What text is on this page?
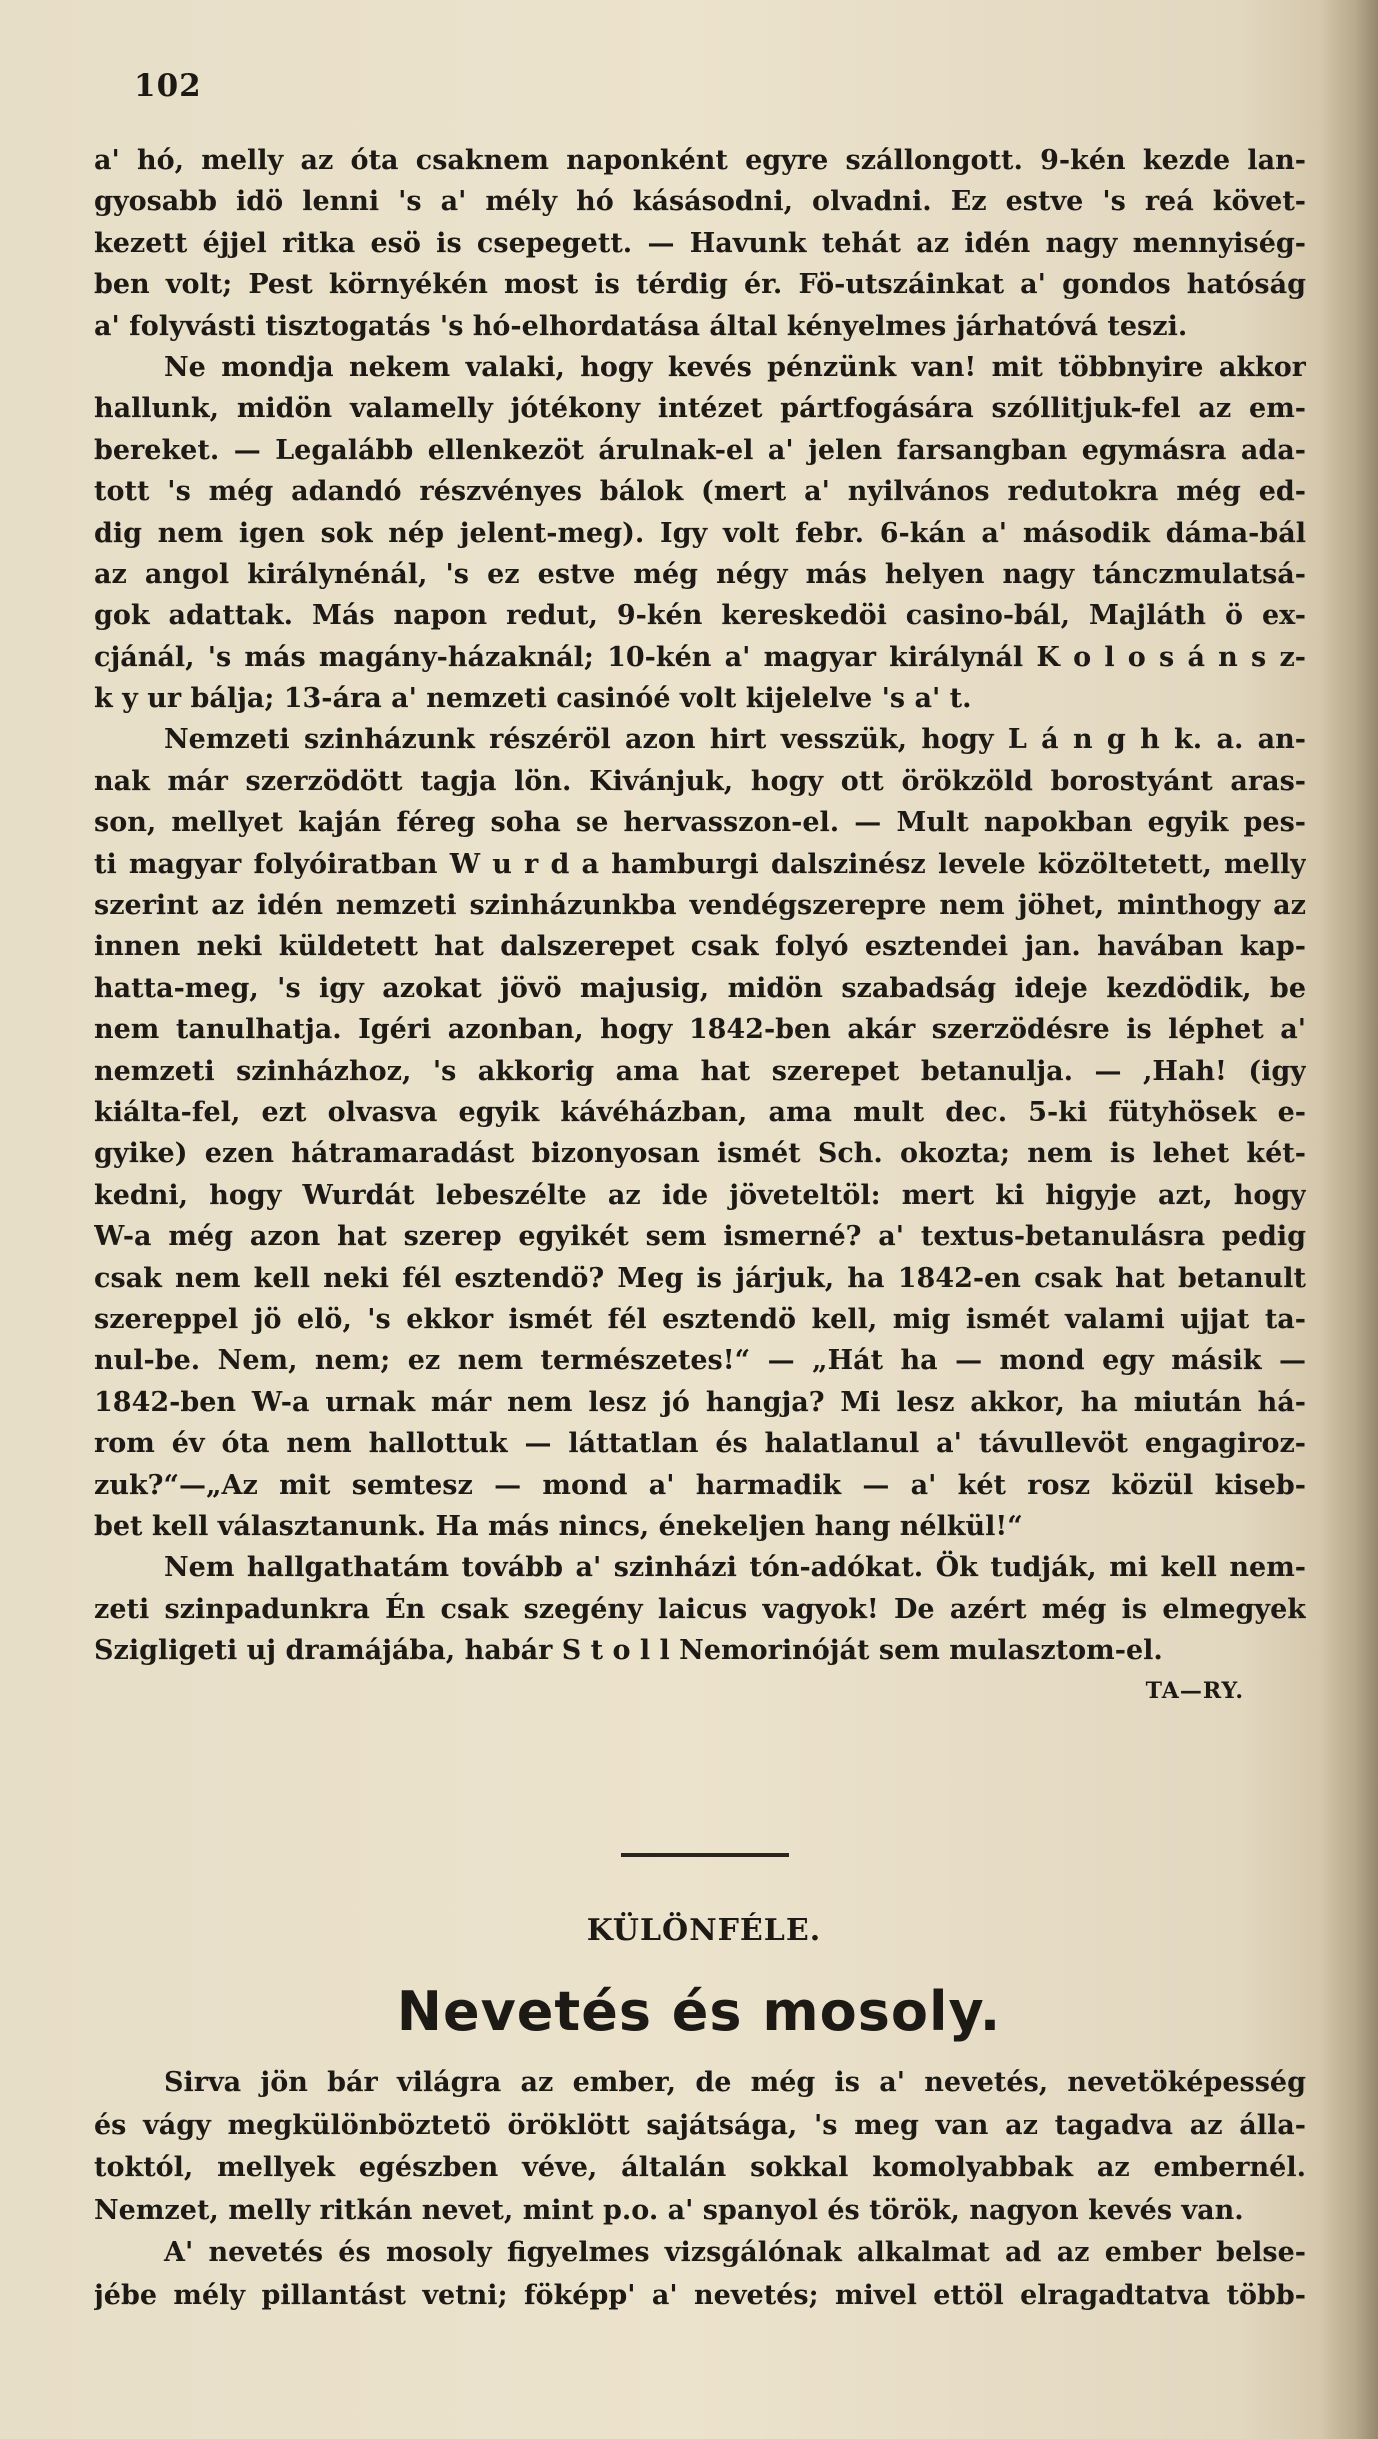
102
a' hó, melly az óta csaknem naponként egyre szállongott. 9-kén kezde lan-
gyosabb idö lenni 's a' mély hó kásásodni, olvadni. Ez estve 's reá követ-
kezett éjjel ritka esö is csepegett. — Havunk tehát az idén nagy mennyiség-
ben volt; Pest környékén most is térdig ér. Fö-utszáinkat a' gondos hatóság
a' folyvásti tisztogatás 's hó-elhordatása által kényelmes járhatóvá teszi.
Ne mondja nekem valaki, hogy kevés pénzünk van! mit többnyire akkor
hallunk, midön valamelly jótékony intézet pártfogására szóllitjuk-fel az em-
bereket. — Legalább ellenkezöt árulnak-el a' jelen farsangban egymásra ada-
tott 's még adandó részvényes bálok (mert a' nyilvános redutokra még ed-
dig nem igen sok nép jelent-meg). Igy volt febr. 6-kán a' második dáma-bál
az angol királynénál, 's ez estve még négy más helyen nagy tánczmulatsá-
gok adattak. Más napon redut, 9-kén kereskedöi casino-bál, Majláth ö ex-
cjánál, 's más magány-házaknál; 10-kén a' magyar királynál K o l o s á n s z-
k y ur bálja; 13-ára a' nemzeti casinóé volt kijelelve 's a' t.
Nemzeti szinházunk részéröl azon hirt vesszük, hogy L á n g h k. a. an-
nak már szerzödött tagja lön. Kivánjuk, hogy ott örökzöld borostyánt aras-
son, mellyet kaján féreg soha se hervasszon-el. — Mult napokban egyik pes-
ti magyar folyóiratban W u r d a hamburgi dalszinész levele közöltetett, melly
szerint az idén nemzeti szinházunkba vendégszerepre nem jöhet, minthogy az
innen neki küldetett hat dalszerepet csak folyó esztendei jan. havában kap-
hatta-meg, 's igy azokat jövö majusig, midön szabadság ideje kezdödik, be
nem tanulhatja. Igéri azonban, hogy 1842-ben akár szerzödésre is léphet a'
nemzeti szinházhoz, 's akkorig ama hat szerepet betanulja. — ,Hah! (igy
kiálta-fel, ezt olvasva egyik kávéházban, ama mult dec. 5-ki fütyhösek e-
gyike) ezen hátramaradást bizonyosan ismét Sch. okozta; nem is lehet két-
kedni, hogy Wurdát lebeszélte az ide jöveteltöl: mert ki higyje azt, hogy
W-a még azon hat szerep egyikét sem ismerné? a' textus-betanulásra pedig
csak nem kell neki fél esztendö? Meg is járjuk, ha 1842-en csak hat betanult
szereppel jö elö, 's ekkor ismét fél esztendö kell, mig ismét valami ujjat ta-
nul-be. Nem, nem; ez nem természetes!“ — „Hát ha — mond egy másik —
1842-ben W-a urnak már nem lesz jó hangja? Mi lesz akkor, ha miután há-
rom év óta nem hallottuk — láttatlan és halatlanul a' távullevöt engagiroz-
zuk?“—„Az mit semtesz — mond a' harmadik — a' két rosz közül kiseb-
bet kell választanunk. Ha más nincs, énekeljen hang nélkül!“
Nem hallgathatám tovább a' szinházi tón-adókat. Ök tudják, mi kell nem-
zeti szinpadunkra Én csak szegény laicus vagyok! De azért még is elmegyek
Szigligeti uj dramájába, habár S t o l l Nemorinóját sem mulasztom-el.
TA—RY.
KÜLÖNFÉLE.
Nevetés és mosoly.
Sirva jön bár világra az ember, de még is a' nevetés, nevetöképesség
és vágy megkülönböztetö öröklött sajátsága, 's meg van az tagadva az álla-
toktól, mellyek egészben véve, általán sokkal komolyabbak az embernél.
Nemzet, melly ritkán nevet, mint p.o. a' spanyol és török, nagyon kevés van.
A' nevetés és mosoly figyelmes vizsgálónak alkalmat ad az ember belse-
jébe mély pillantást vetni; föképp' a' nevetés; mivel ettöl elragadtatva több-
